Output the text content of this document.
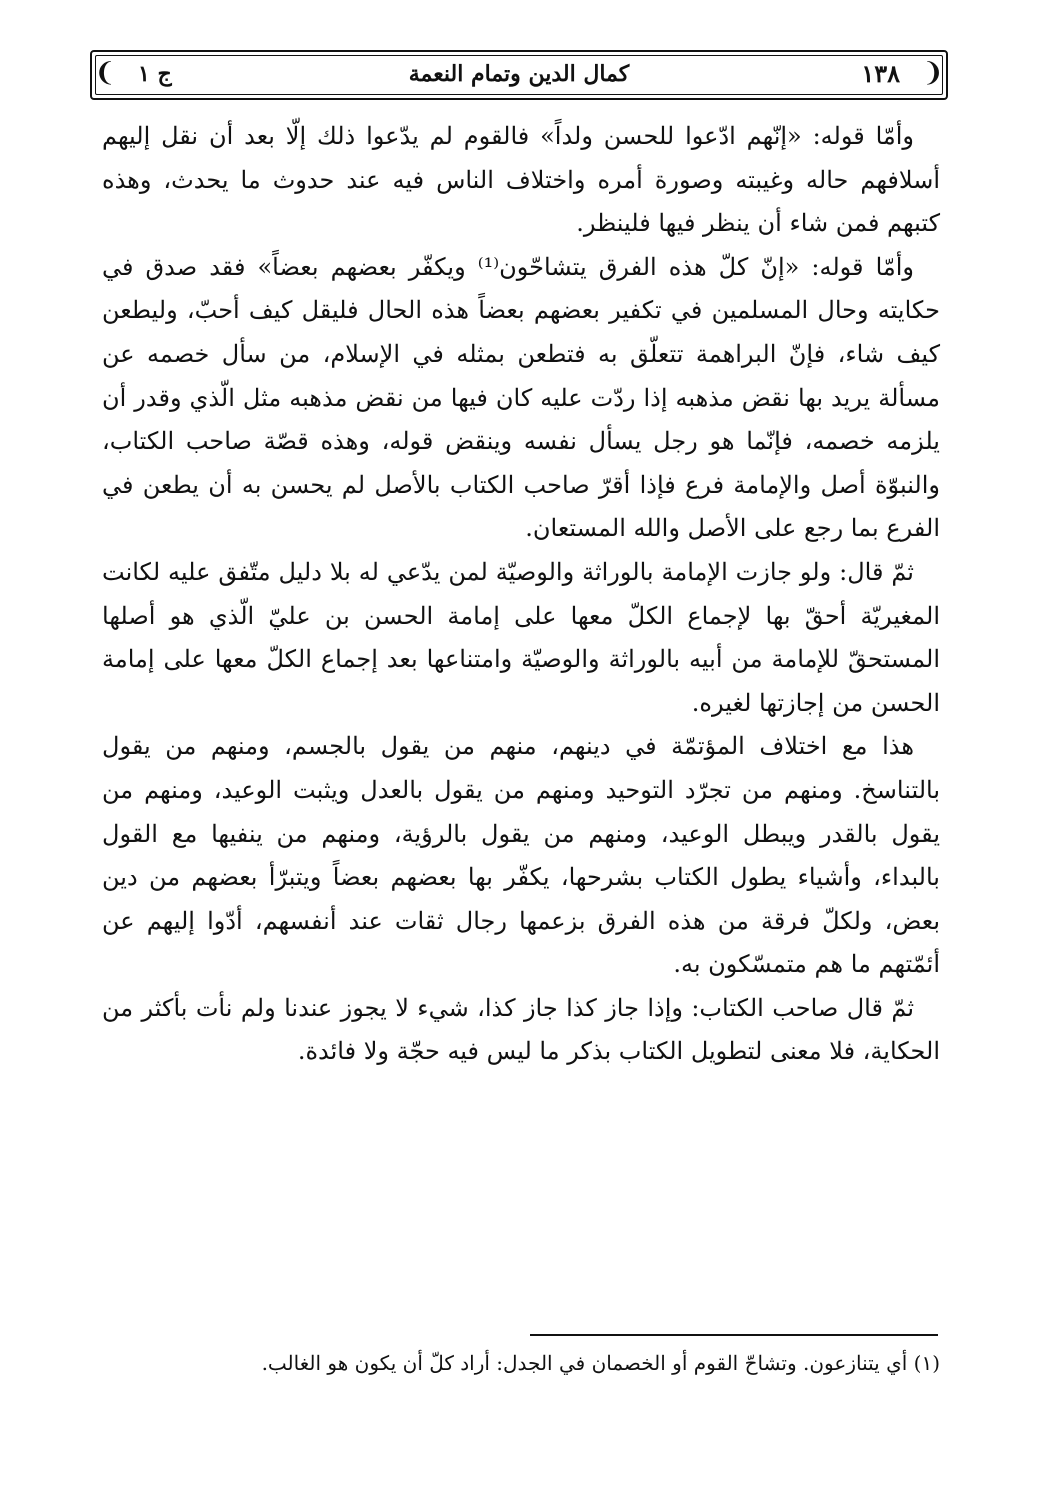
❨	❩
١٣٨
كمال الدين وتمام النعمة
ج ١

وأمّا قوله: «إنّهم ادّعوا للحسن ولداً» فالقوم لم يدّعوا ذلك إلّا بعد أن نقل إليهم أسلافهم حاله وغيبته وصورة أمره واختلاف الناس فيه عند حدوث ما يحدث، وهذه كتبهم فمن شاء أن ينظر فيها فلينظر.

وأمّا قوله: «إنّ كلّ هذه الفرق يتشاحّون⁽¹⁾ ويكفّر بعضهم بعضاً» فقد صدق في حكايته وحال المسلمين في تكفير بعضهم بعضاً هذه الحال فليقل كيف أحبّ، وليطعن كيف شاء، فإنّ البراهمة تتعلّق به فتطعن بمثله في الإسلام، من سأل خصمه عن مسألة يريد بها نقض مذهبه إذا ردّت عليه كان فيها من نقض مذهبه مثل الّذي وقدر أن يلزمه خصمه، فإنّما هو رجل يسأل نفسه وينقض قوله، وهذه قصّة صاحب الكتاب، والنبوّة أصل والإمامة فرع فإذا أقرّ صاحب الكتاب بالأصل لم يحسن به أن يطعن في الفرع بما رجع على الأصل والله المستعان.

ثمّ قال: ولو جازت الإمامة بالوراثة والوصيّة لمن يدّعي له بلا دليل متّفق عليه لكانت المغيريّة أحقّ بها لإجماع الكلّ معها على إمامة الحسن بن عليّ الّذي هو أصلها المستحقّ للإمامة من أبيه بالوراثة والوصيّة وامتناعها بعد إجماع الكلّ معها على إمامة الحسن من إجازتها لغيره.

هذا مع اختلاف المؤتمّة في دينهم، منهم من يقول بالجسم، ومنهم من يقول بالتناسخ. ومنهم من تجرّد التوحيد ومنهم من يقول بالعدل ويثبت الوعيد، ومنهم من يقول بالقدر ويبطل الوعيد، ومنهم من يقول بالرؤية، ومنهم من ينفيها مع القول بالبداء، وأشياء يطول الكتاب بشرحها، يكفّر بها بعضهم بعضاً ويتبرّأ بعضهم من دين بعض، ولكلّ فرقة من هذه الفرق بزعمها رجال ثقات عند أنفسهم، أدّوا إليهم عن أئمّتهم ما هم متمسّكون به.

ثمّ قال صاحب الكتاب: وإذا جاز كذا جاز كذا، شيء لا يجوز عندنا ولم نأت بأكثر من الحكاية، فلا معنى لتطويل الكتاب بذكر ما ليس فيه حجّة ولا فائدة.

(١) أي يتنازعون. وتشاحّ القوم أو الخصمان في الجدل: أراد كلّ أن يكون هو الغالب.
